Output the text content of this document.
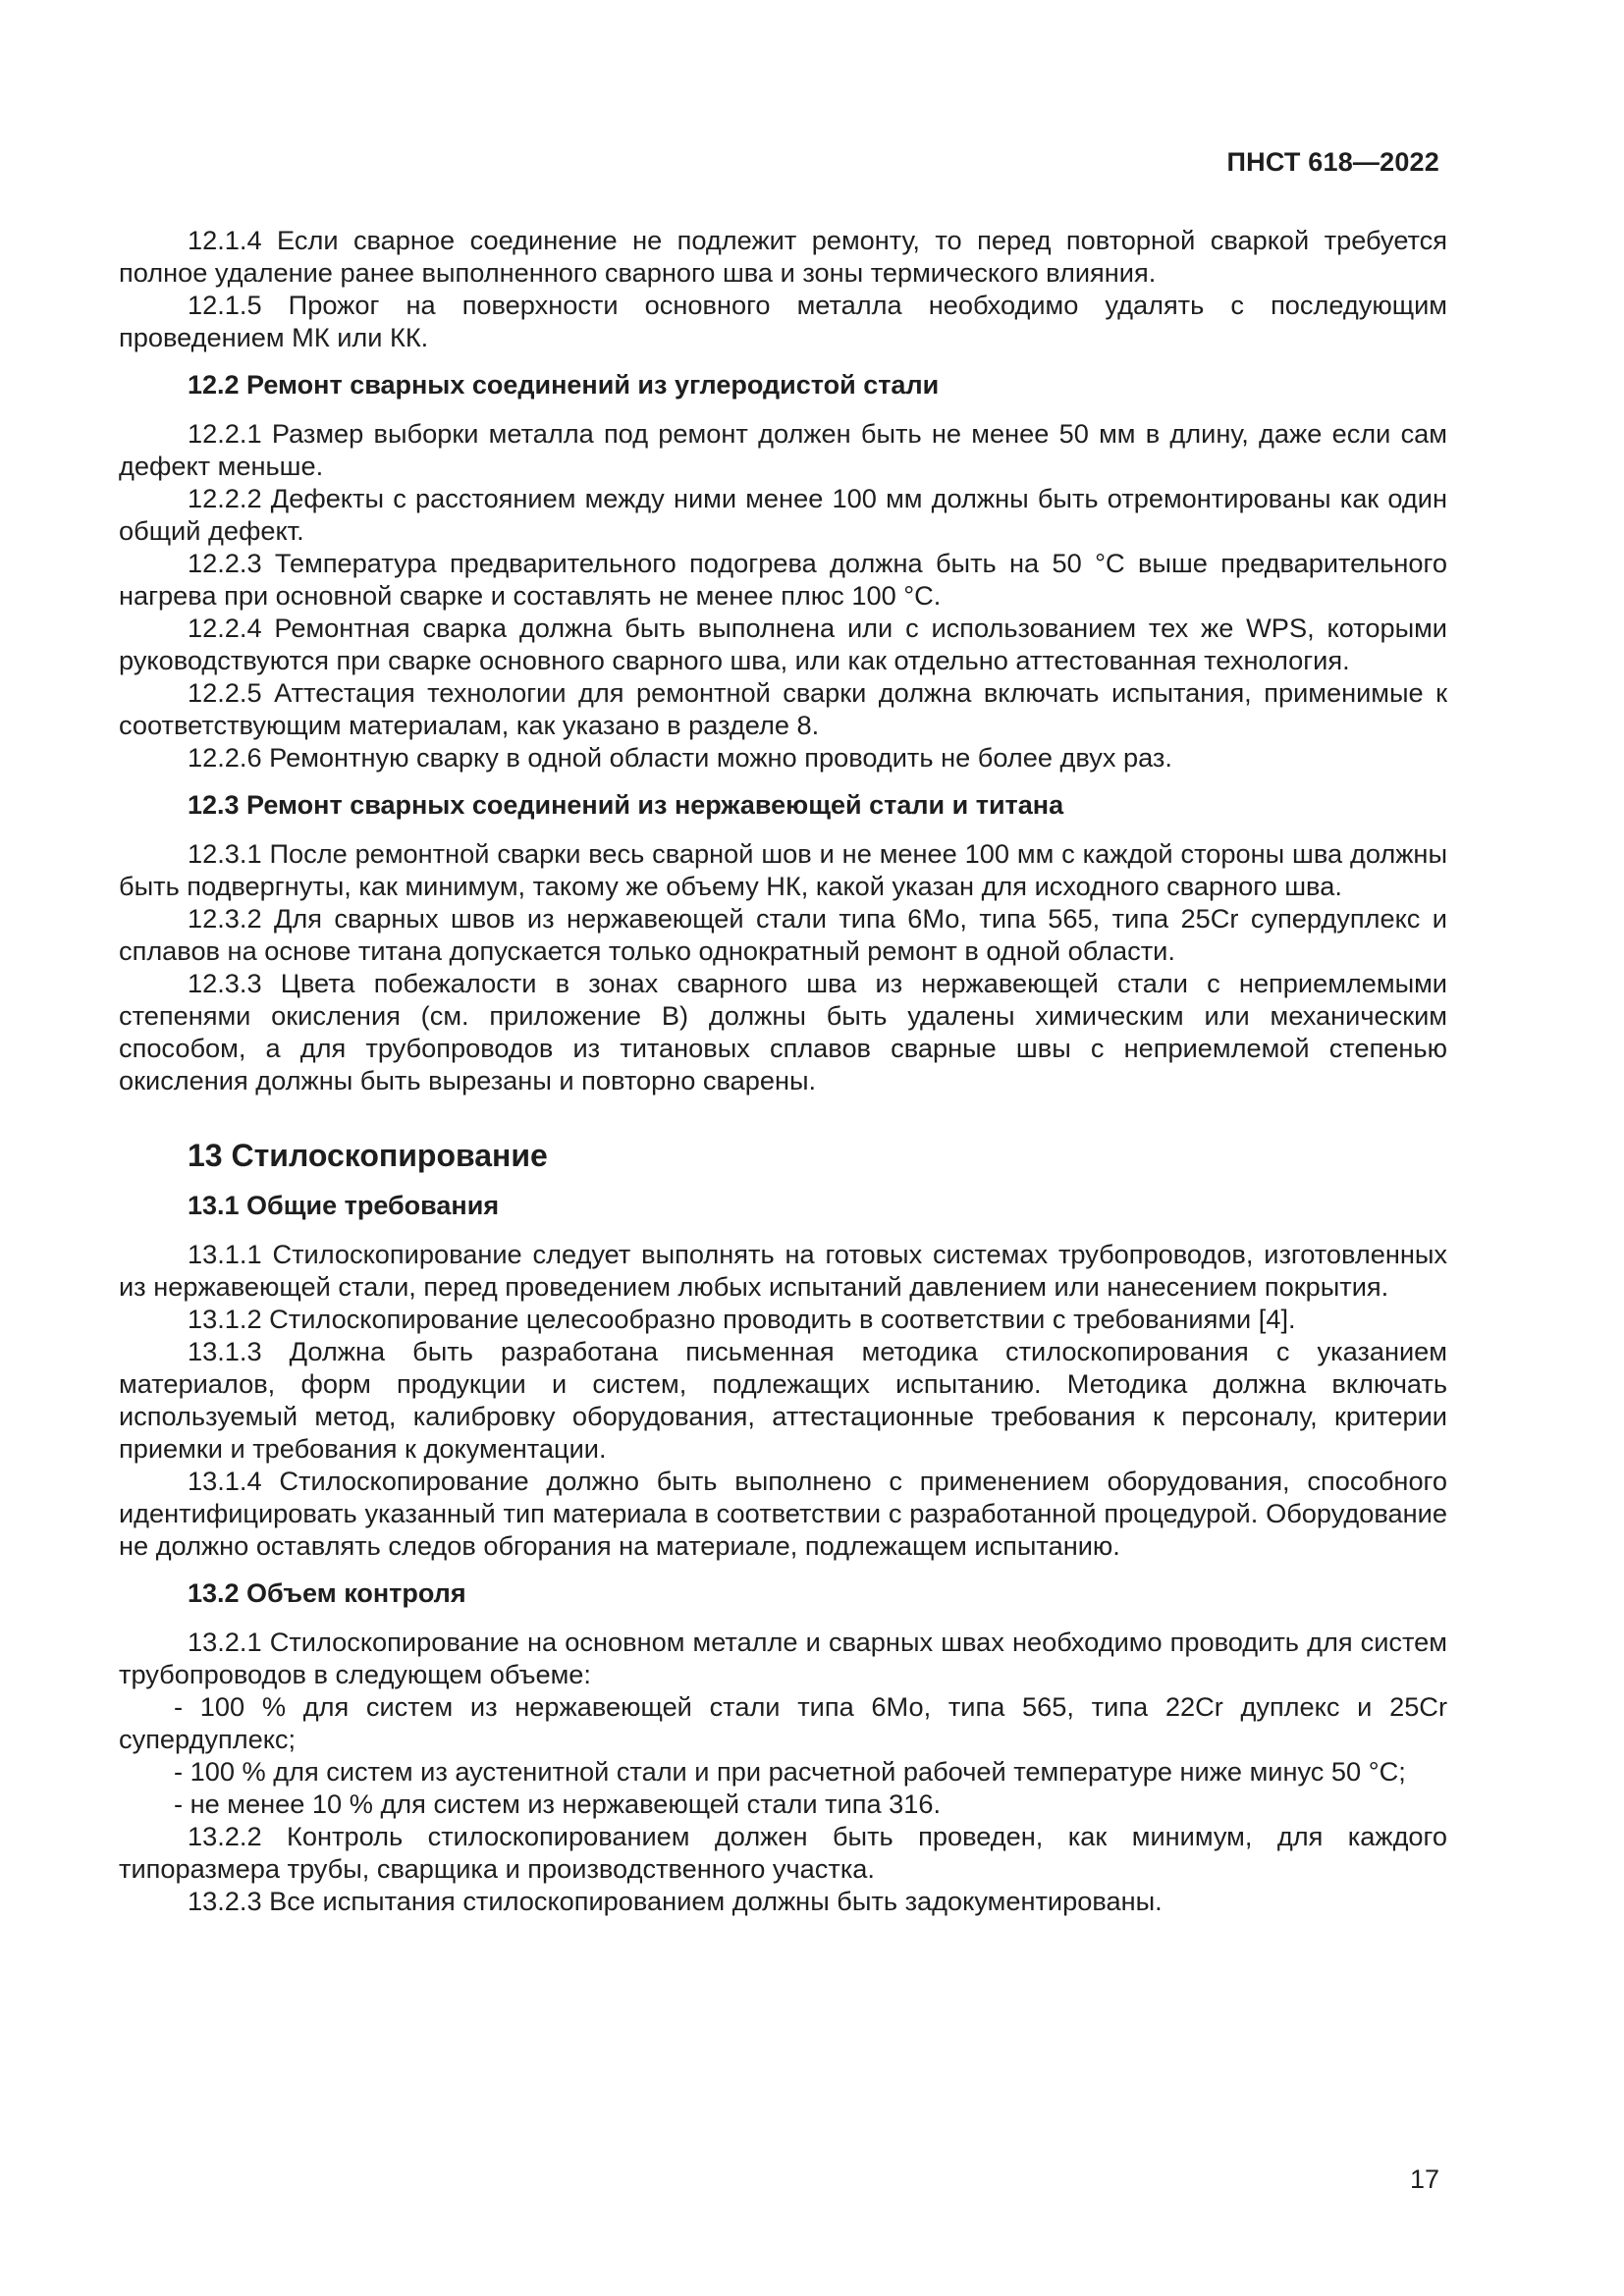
ПНСТ 618—2022

12.1.4 Если сварное соединение не подлежит ремонту, то перед повторной сваркой требуется полное удаление ранее выполненного сварного шва и зоны термического влияния.

12.1.5 Прожог на поверхности основного металла необходимо удалять с последующим проведением МК или КК.

12.2 Ремонт сварных соединений из углеродистой стали

12.2.1 Размер выборки металла под ремонт должен быть не менее 50 мм в длину, даже если сам дефект меньше.

12.2.2 Дефекты с расстоянием между ними менее 100 мм должны быть отремонтированы как один общий дефект.

12.2.3 Температура предварительного подогрева должна быть на 50 °С выше предварительного нагрева при основной сварке и составлять не менее плюс 100 °С.

12.2.4 Ремонтная сварка должна быть выполнена или с использованием тех же WPS, которыми руководствуются при сварке основного сварного шва, или как отдельно аттестованная технология.

12.2.5 Аттестация технологии для ремонтной сварки должна включать испытания, применимые к соответствующим материалам, как указано в разделе 8.

12.2.6 Ремонтную сварку в одной области можно проводить не более двух раз.

12.3 Ремонт сварных соединений из нержавеющей стали и титана

12.3.1 После ремонтной сварки весь сварной шов и не менее 100 мм с каждой стороны шва должны быть подвергнуты, как минимум, такому же объему НК, какой указан для исходного сварного шва.

12.3.2 Для сварных швов из нержавеющей стали типа 6Мо, типа 565, типа 25Cr супердуплекс и сплавов на основе титана допускается только однократный ремонт в одной области.

12.3.3 Цвета побежалости в зонах сварного шва из нержавеющей стали с неприемлемыми степенями окисления (см. приложение В) должны быть удалены химическим или механическим способом, а для трубопроводов из титановых сплавов сварные швы с неприемлемой степенью окисления должны быть вырезаны и повторно сварены.

13 Стилоскопирование
13.1 Общие требования

13.1.1 Стилоскопирование следует выполнять на готовых системах трубопроводов, изготовленных из нержавеющей стали, перед проведением любых испытаний давлением или нанесением покрытия.

13.1.2 Стилоскопирование целесообразно проводить в соответствии с требованиями [4].

13.1.3 Должна быть разработана письменная методика стилоскопирования с указанием материалов, форм продукции и систем, подлежащих испытанию. Методика должна включать используемый метод, калибровку оборудования, аттестационные требования к персоналу, критерии приемки и требования к документации.

13.1.4 Стилоскопирование должно быть выполнено с применением оборудования, способного идентифицировать указанный тип материала в соответствии с разработанной процедурой. Оборудование не должно оставлять следов обгорания на материале, подлежащем испытанию.

13.2 Объем контроля

13.2.1 Стилоскопирование на основном металле и сварных швах необходимо проводить для систем трубопроводов в следующем объеме:

- 100 % для систем из нержавеющей стали типа 6Мо, типа 565, типа 22Cr дуплекс и 25Cr супердуплекс;

- 100 % для систем из аустенитной стали и при расчетной рабочей температуре ниже минус 50 °С;

- не менее 10 % для систем из нержавеющей стали типа 316.

13.2.2 Контроль стилоскопированием должен быть проведен, как минимум, для каждого типоразмера трубы, сварщика и производственного участка.

13.2.3 Все испытания стилоскопированием должны быть задокументированы.

17
